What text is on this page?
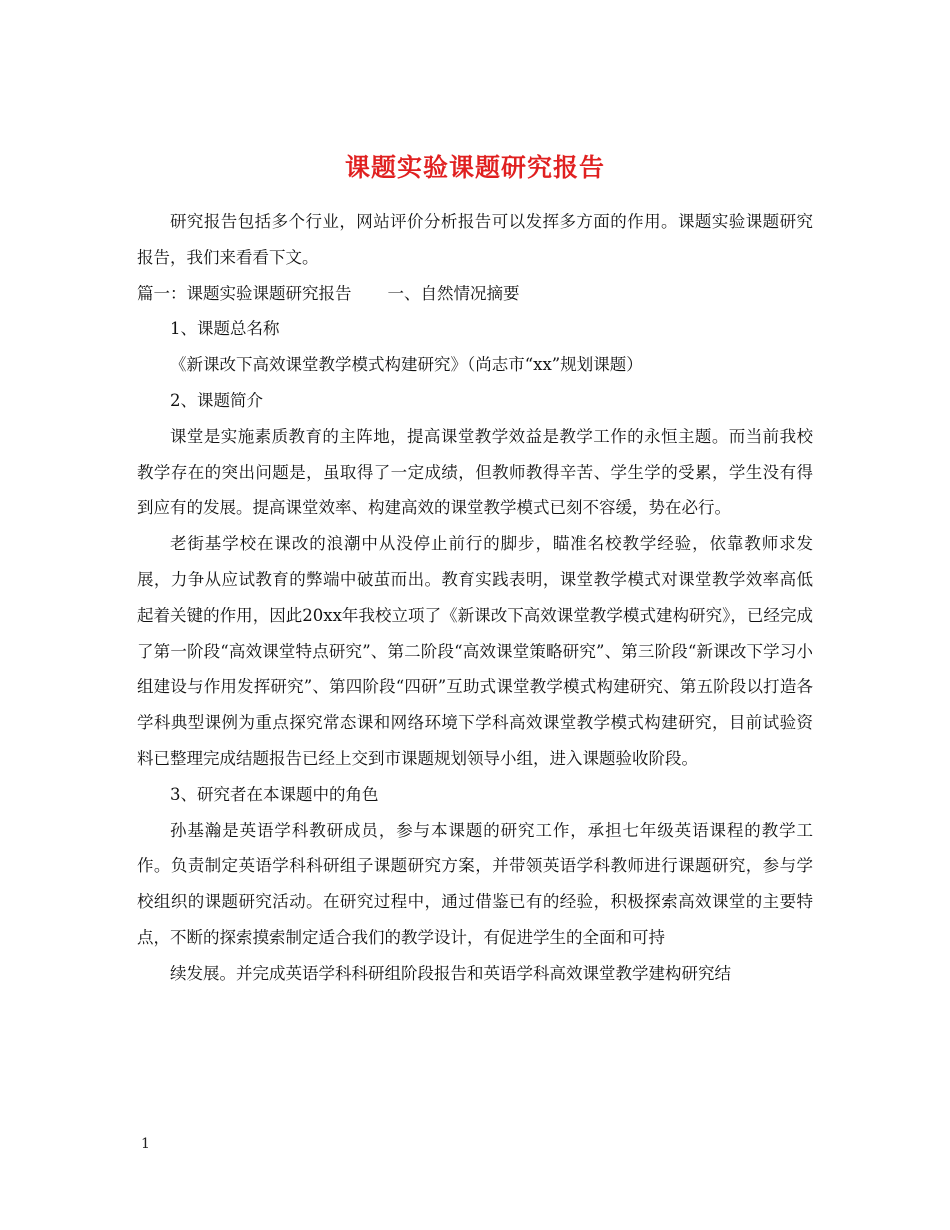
课题实验课题研究报告

研究报告包括多个行业，网站评价分析报告可以发挥多方面的作用。课题实验课题研究报告，我们来看看下文。

篇一：课题实验课题研究报告 一、自然情况摘要

1、课题总名称

《新课改下高效课堂教学模式构建研究》（尚志市“xx”规划课题）

2、课题简介

课堂是实施素质教育的主阵地，提高课堂教学效益是教学工作的永恒主题。而当前我校教学存在的突出问题是，虽取得了一定成绩，但教师教得辛苦、学生学的受累，学生没有得到应有的发展。提高课堂效率、构建高效的课堂教学模式已刻不容缓，势在必行。

老街基学校在课改的浪潮中从没停止前行的脚步，瞄准名校教学经验，依靠教师求发展，力争从应试教育的弊端中破茧而出。教育实践表明，课堂教学模式对课堂教学效率高低起着关键的作用，因此20xx年我校立项了《新课改下高效课堂教学模式建构研究》，已经完成了第一阶段“高效课堂特点研究”、第二阶段“高效课堂策略研究”、第三阶段“新课改下学习小组建设与作用发挥研究”、第四阶段“四研”互助式课堂教学模式构建研究、第五阶段以打造各学科典型课例为重点探究常态课和网络环境下学科高效课堂教学模式构建研究，目前试验资料已整理完成结题报告已经上交到市课题规划领导小组，进入课题验收阶段。

3、研究者在本课题中的角色

孙基瀚是英语学科教研成员，参与本课题的研究工作，承担七年级英语课程的教学工作。负责制定英语学科科研组子课题研究方案，并带领英语学科教师进行课题研究，参与学校组织的课题研究活动。在研究过程中，通过借鉴已有的经验，积极探索高效课堂的主要特点，不断的探索摸索制定适合我们的教学设计，有促进学生的全面和可持

续发展。并完成英语学科科研组阶段报告和英语学科高效课堂教学建构研究结

1
